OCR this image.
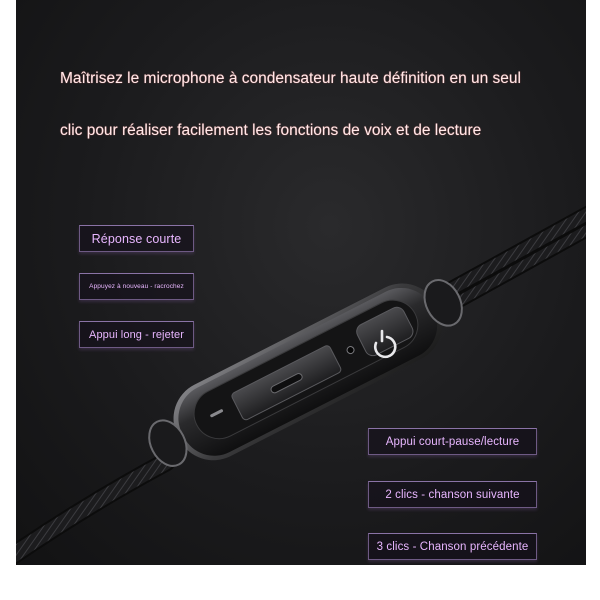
Maîtrisez le microphone à condensateur haute définition en un seul
clic pour réaliser facilement les fonctions de voix et de lecture
Réponse courte
Appuyez à nouveau - racrochez
Appui long - rejeter
Appui court-pause/lecture
2 clics - chanson suivante
3 clics - Chanson précédente
